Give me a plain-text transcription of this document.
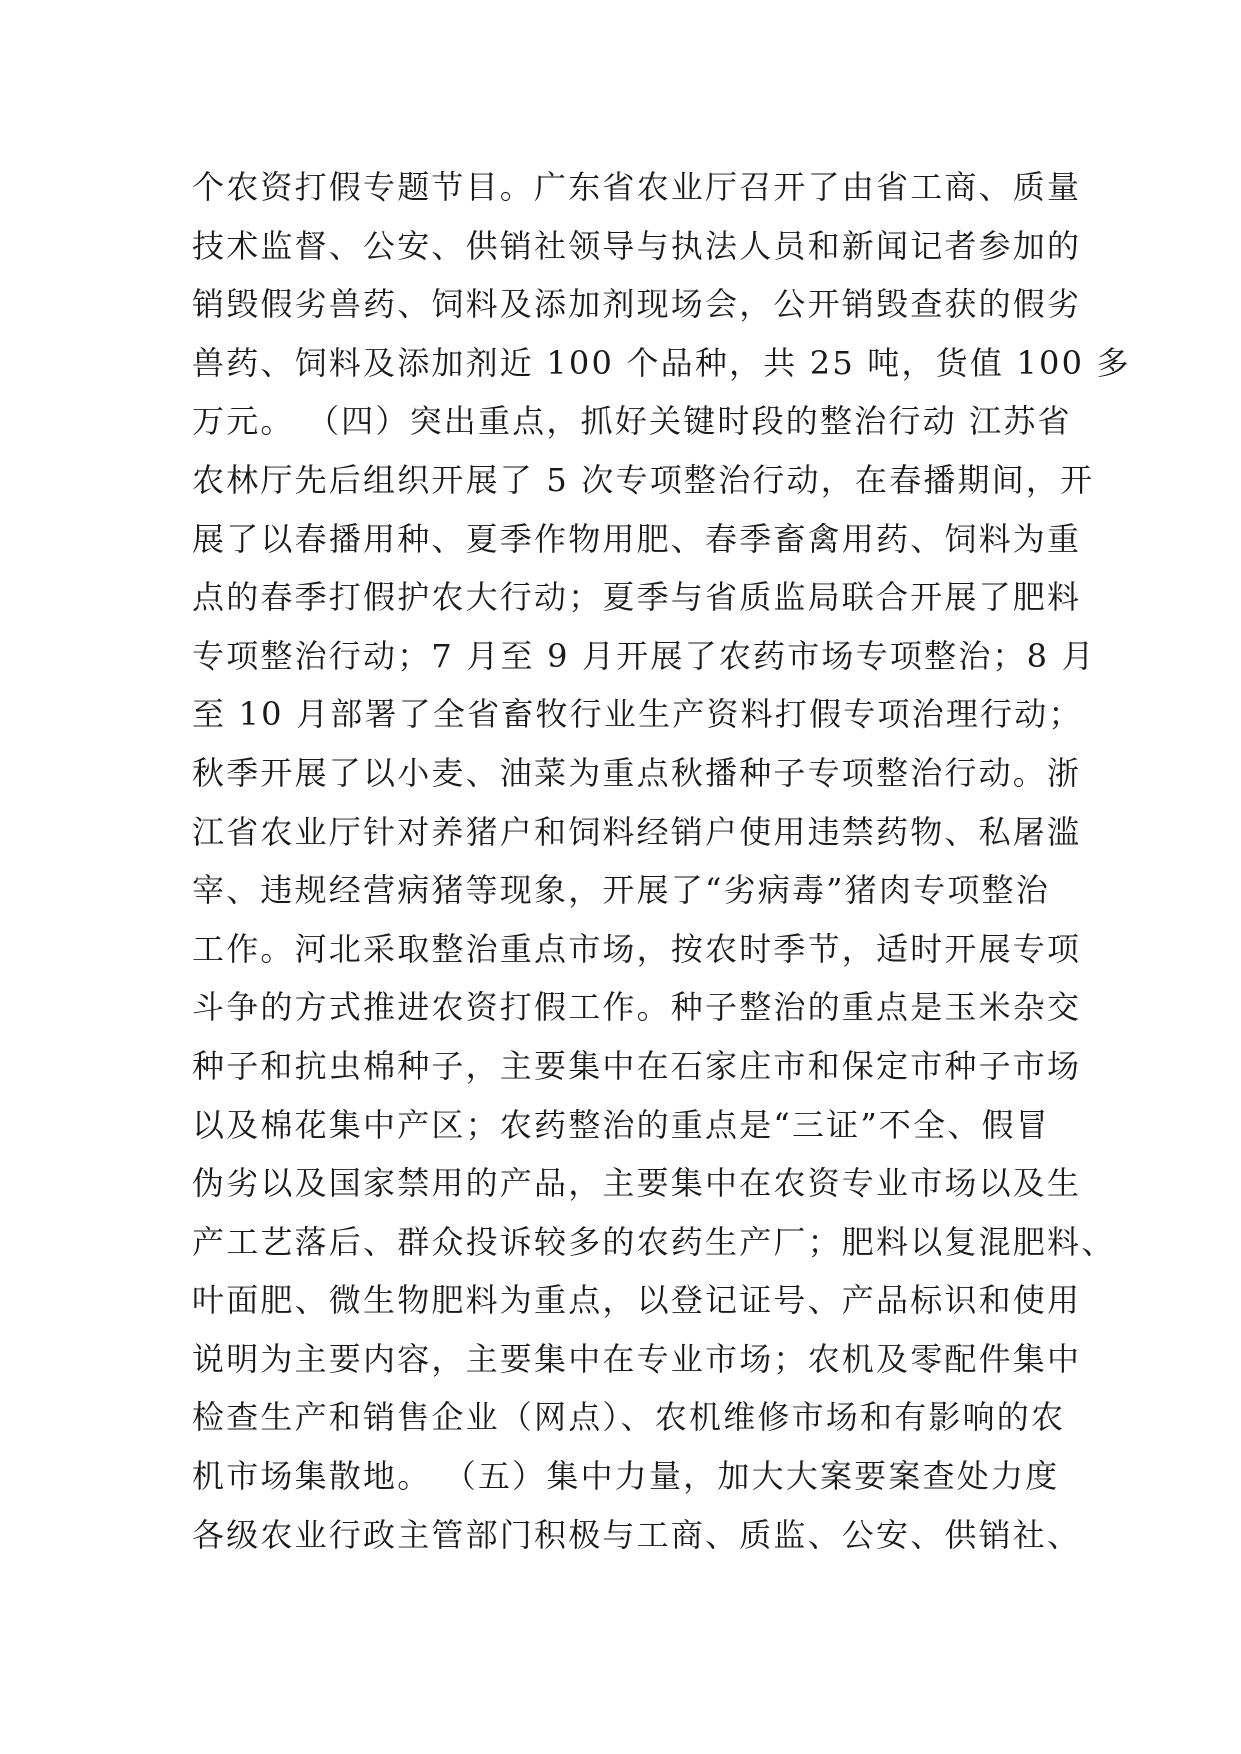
个农资打假专题节目。广东省农业厅召开了由省工商、质量
技术监督、公安、供销社领导与执法人员和新闻记者参加的
销毁假劣兽药、饲料及添加剂现场会，公开销毁查获的假劣
兽药、饲料及添加剂近 100 个品种，共 25 吨，货值 100 多
万元。 （四）突出重点，抓好关键时段的整治行动 江苏省
农林厅先后组织开展了 5 次专项整治行动，在春播期间，开
展了以春播用种、夏季作物用肥、春季畜禽用药、饲料为重
点的春季打假护农大行动；夏季与省质监局联合开展了肥料
专项整治行动；7 月至 9 月开展了农药市场专项整治；8 月
至 10 月部署了全省畜牧行业生产资料打假专项治理行动；
秋季开展了以小麦、油菜为重点秋播种子专项整治行动。浙
江省农业厅针对养猪户和饲料经销户使用违禁药物、私屠滥
宰、违规经营病猪等现象，开展了“劣病毒”猪肉专项整治
工作。河北采取整治重点市场，按农时季节，适时开展专项
斗争的方式推进农资打假工作。种子整治的重点是玉米杂交
种子和抗虫棉种子，主要集中在石家庄市和保定市种子市场
以及棉花集中产区；农药整治的重点是“三证”不全、假冒
伪劣以及国家禁用的产品，主要集中在农资专业市场以及生
产工艺落后、群众投诉较多的农药生产厂；肥料以复混肥料、
叶面肥、微生物肥料为重点，以登记证号、产品标识和使用
说明为主要内容，主要集中在专业市场；农机及零配件集中
检查生产和销售企业（网点）、农机维修市场和有影响的农
机市场集散地。 （五）集中力量，加大大案要案查处力度
各级农业行政主管部门积极与工商、质监、公安、供销社、
